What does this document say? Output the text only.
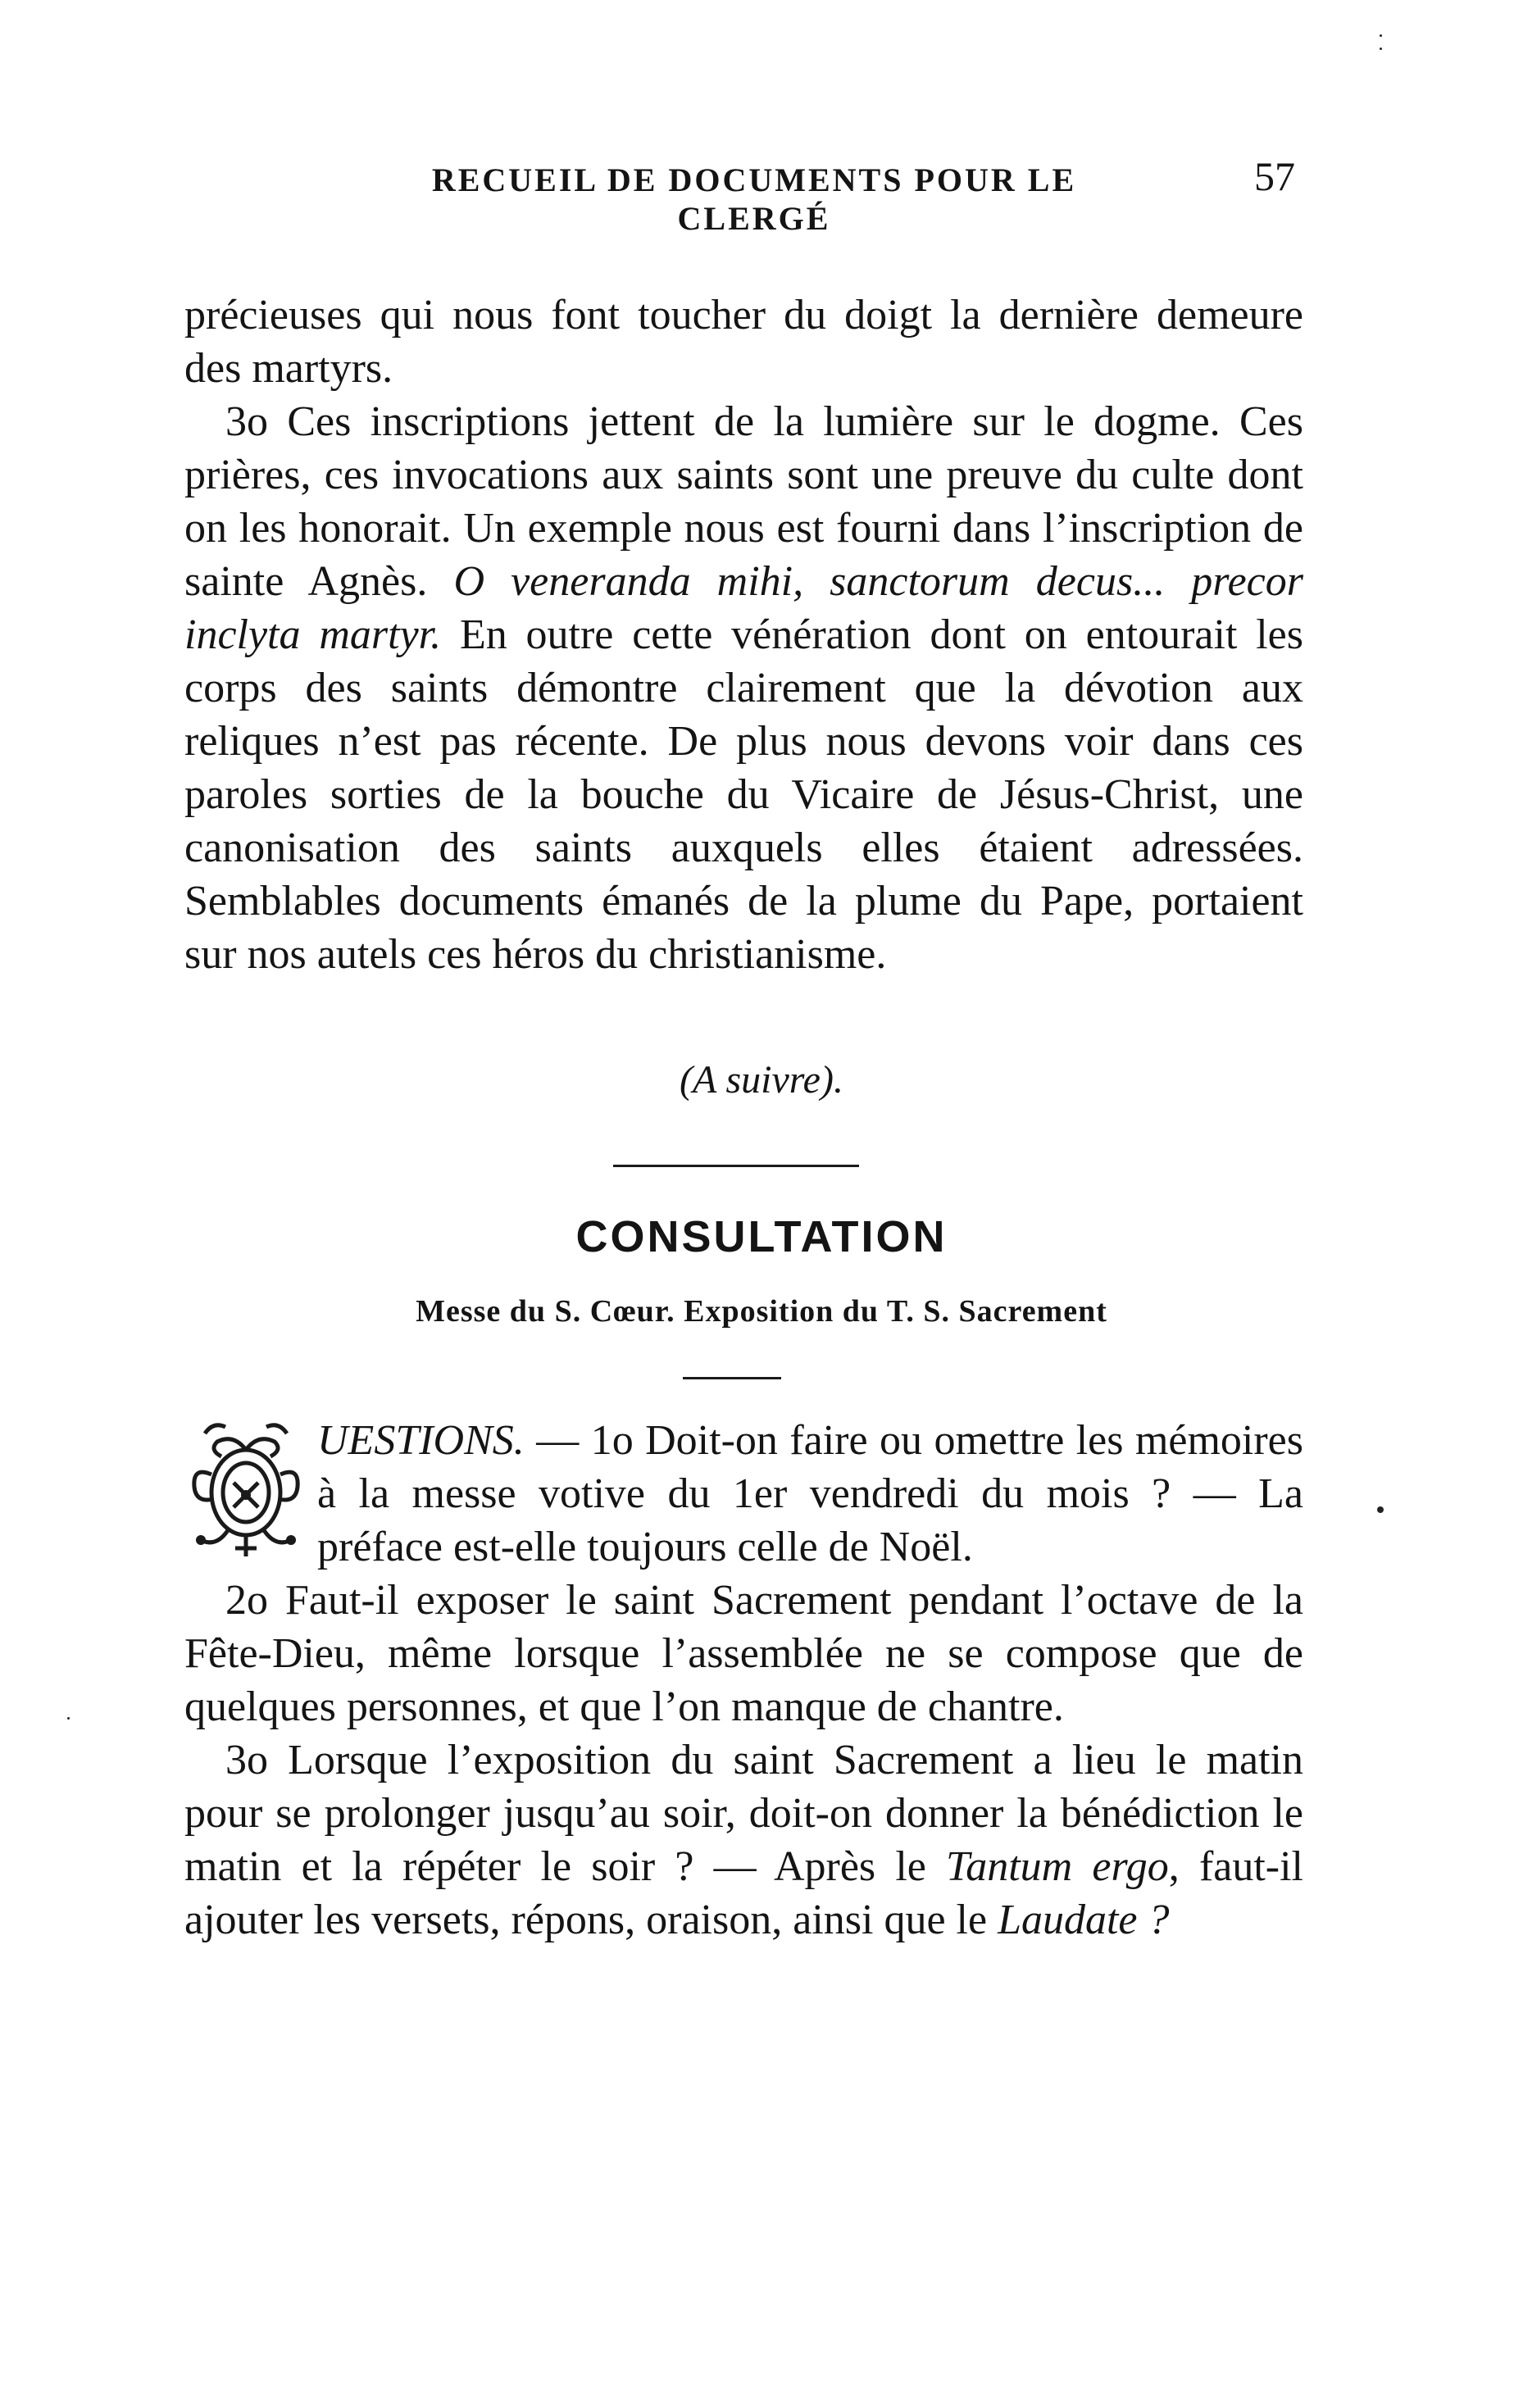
RECUEIL DE DOCUMENTS POUR LE CLERGÉ
57

précieuses qui nous font toucher du doigt la dernière demeure des martyrs.

3o Ces inscriptions jettent de la lumière sur le dogme. Ces prières, ces invocations aux saints sont une preuve du culte dont on les honorait. Un exemple nous est fourni dans l’inscription de sainte Agnès. O veneranda mihi, sanctorum decus... precor inclyta martyr. En outre cette vénération dont on entourait les corps des saints démontre clairement que la dévotion aux reliques n’est pas récente. De plus nous devons voir dans ces paroles sorties de la bouche du Vicaire de Jésus-Christ, une canonisation des saints auxquels elles étaient adressées. Semblables documents émanés de la plume du Pape, portaient sur nos autels ces héros du christianisme.

(A suivre).
CONSULTATION
Messe du S. Cœur. Exposition du T. S. Sacrement

UESTIONS. — 1o Doit-on faire ou omettre les mémoires à la messe votive du 1er vendredi du mois ? — La préface est-elle toujours celle de Noël.

2o Faut-il exposer le saint Sacrement pendant l’octave de la Fête-Dieu, même lorsque l’assemblée ne se compose que de quelques personnes, et que l’on manque de chantre.

3o Lorsque l’exposition du saint Sacrement a lieu le matin pour se prolonger jusqu’au soir, doit-on donner la bénédiction le matin et la répéter le soir ? — Après le Tantum ergo, faut-il ajouter les versets, répons, oraison, ainsi que le Laudate ?
